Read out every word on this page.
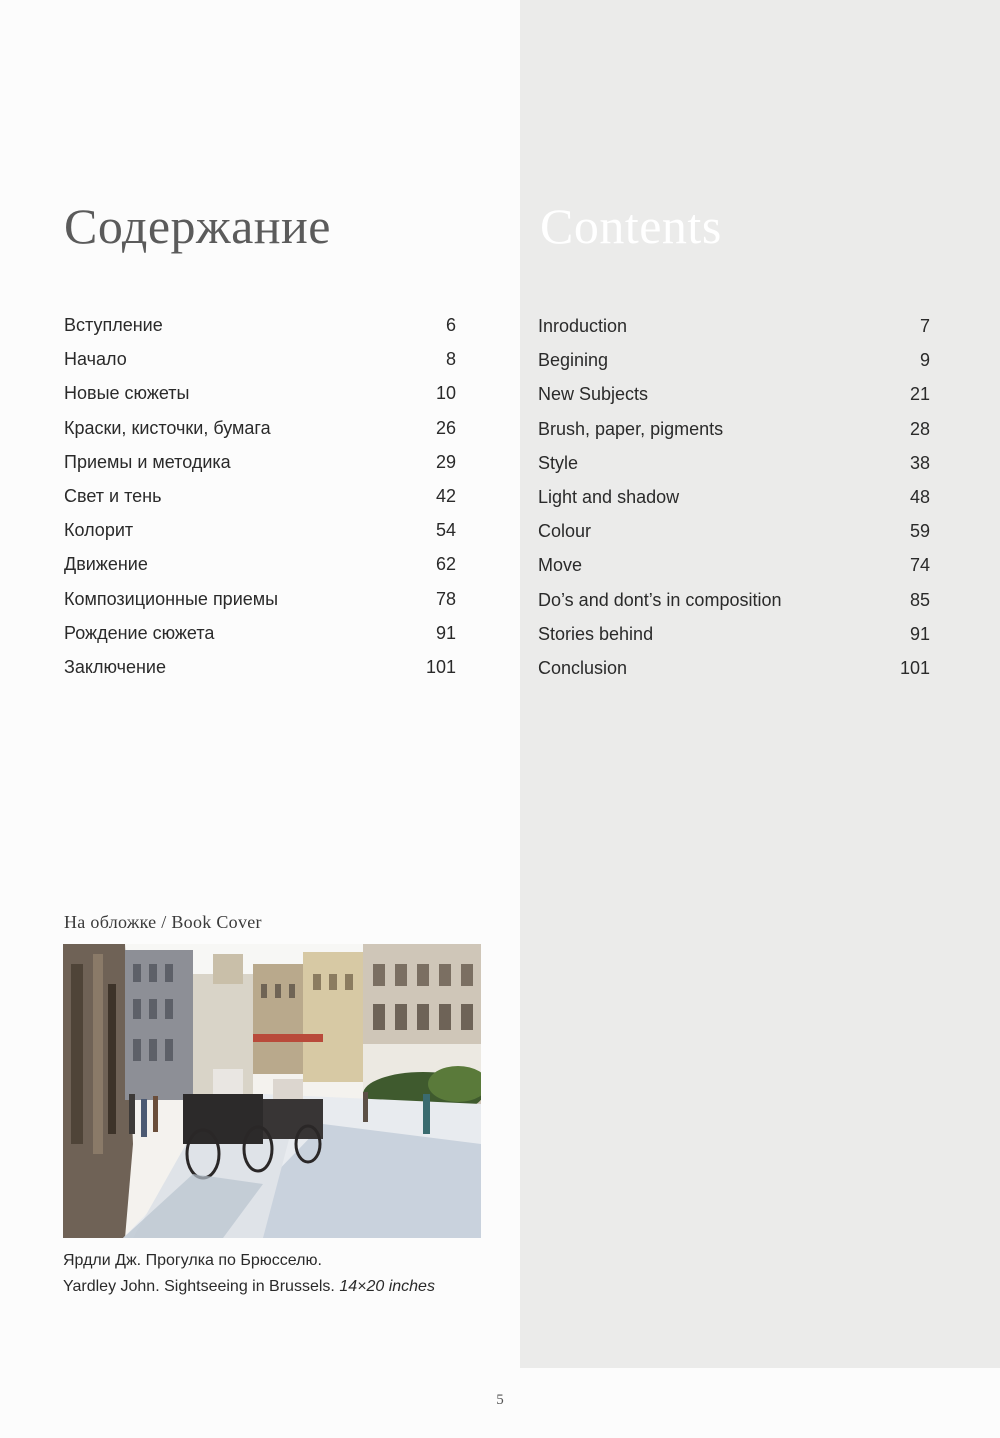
Содержание	Contents
Вступление	6
Начало	8
Новые сюжеты	10
Краски, кисточки, бумага	26
Приемы и методика	29
Свет и тень	42
Колорит	54
Движение	62
Композиционные приемы	78
Рождение сюжета	91
Заключение	101
Inroduction	7
Begining	9
New Subjects	21
Brush, paper, pigments	28
Style	38
Light and shadow	48
Colour	59
Move	74
Do’s and dont’s in composition	85
Stories behind	91
Conclusion	101
На обложке / Book Cover
Ярдли Дж. Прогулка по Брюсселю.
Yardley John. Sightseeing in Brussels. 14×20 inches
5
